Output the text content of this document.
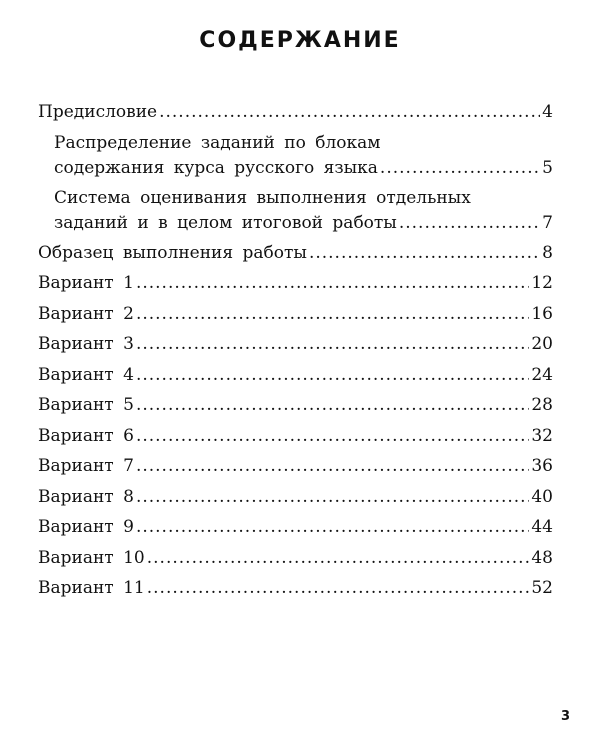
СОДЕРЖАНИЕ
Предисловие .....	4
Распределение заданий по блокам
содержания курса русского языка .....	5
Система оценивания выполнения отдельных
заданий и в целом итоговой работы .....	7
Образец выполнения работы .....	8
Вариант 1 .....	12
Вариант 2 .....	16
Вариант 3 .....	20
Вариант 4 .....	24
Вариант 5 .....	28
Вариант 6 .....	32
Вариант 7 .....	36
Вариант 8 .....	40
Вариант 9 .....	44
Вариант 10 .....	48
Вариант 11 .....	52
3
